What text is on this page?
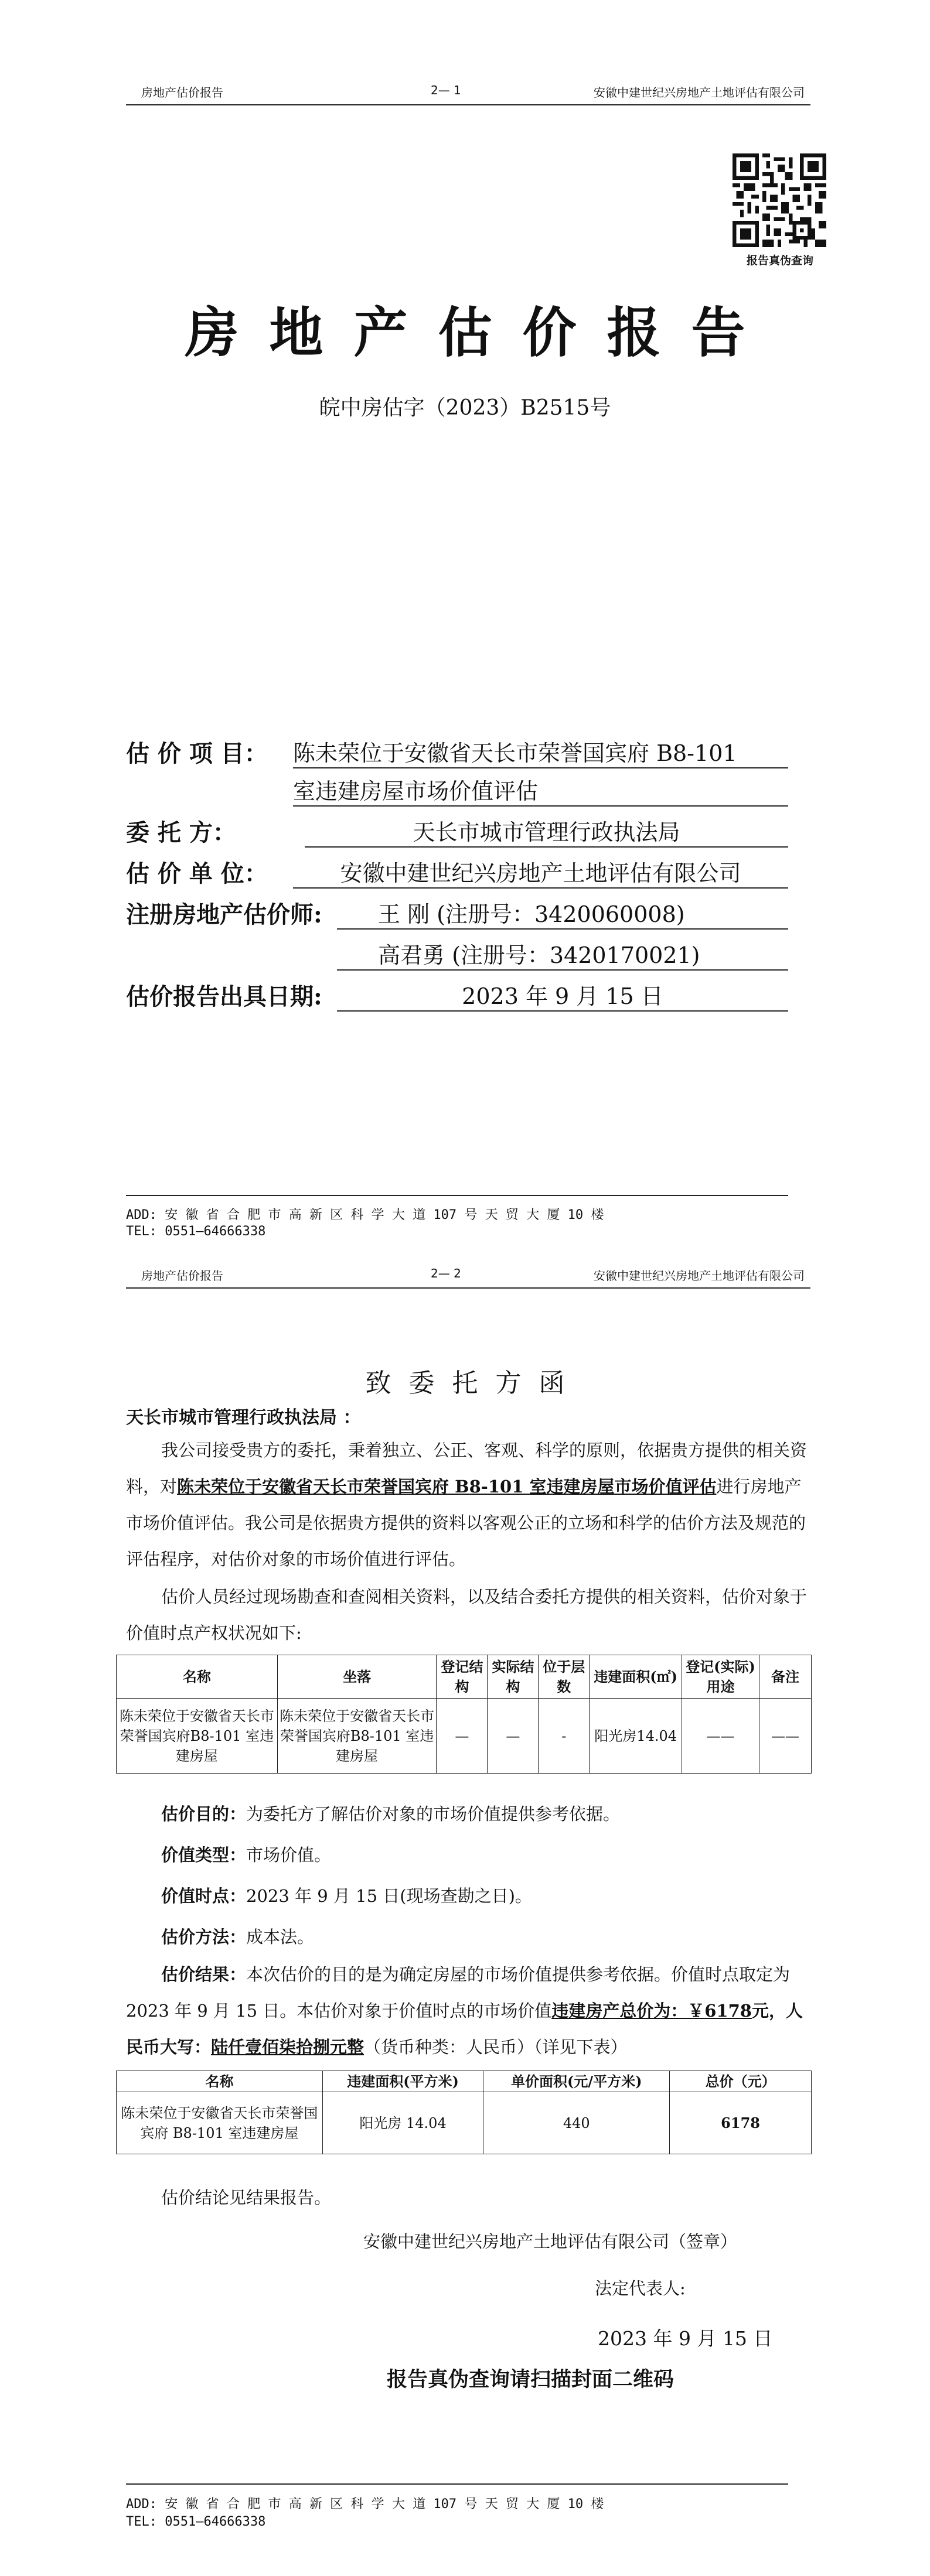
房地产估价报告	2— 1	安徽中建世纪兴房地产土地评估有限公司
报告真伪查询
房地产估价报告
皖中房估字（2023）B2515号
估 价 项 目： 陈未荣位于安徽省天长市荣誉国宾府 B8-101
室违建房屋市场价值评估
委 托 方：	天长市城市管理行政执法局
估 价 单 位：	安徽中建世纪兴房地产土地评估有限公司
注册房地产估价师:	王 刚 (注册号：3420060008)
高君勇 (注册号：3420170021)
估价报告出具日期:	2023 年 9 月 15 日
ADD: 安 徽 省 合 肥 市 高 新 区 科 学 大 道 107 号 天 贸 大 厦 10 楼
TEL: 0551—64666338
房地产估价报告	2— 2	安徽中建世纪兴房地产土地评估有限公司
致委托方函
天长市城市管理行政执法局 ：
我公司接受贵方的委托，秉着独立、公正、客观、科学的原则，依据贵方提供的相关资料，对陈未荣位于安徽省天长市荣誉国宾府 B8-101 室违建房屋市场价值评估进行房地产市场价值评估。我公司是依据贵方提供的资料以客观公正的立场和科学的估价方法及规范的评估程序，对估价对象的市场价值进行评估。
估价人员经过现场勘查和查阅相关资料，以及结合委托方提供的相关资料，估价对象于价值时点产权状况如下:
名称	坐落	登记结构	实际结构	位于层数	违建面积(㎡)	登记(实际)用途	备注
陈未荣位于安徽省天长市荣誉国宾府B8-101 室违建房屋	陈未荣位于安徽省天长市荣誉国宾府B8-101 室违建房屋	—	—	-	阳光房14.04	——	——
估价目的：为委托方了解估价对象的市场价值提供参考依据。
价值类型：市场价值。
价值时点：2023 年 9 月 15 日(现场查勘之日)。
估价方法：成本法。
估价结果：本次估价的目的是为确定房屋的市场价值提供参考依据。价值时点取定为 2023 年 9 月 15 日。本估价对象于价值时点的市场价值违建房产总价为：￥6178元，人民币大写：陆仟壹佰柒拾捌元整（货币种类：人民币）（详见下表）
名称	违建面积(平方米)	单价面积(元/平方米)	总价（元）
陈未荣位于安徽省天长市荣誉国宾府 B8-101 室违建房屋	阳光房 14.04	440	6178
估价结论见结果报告。
安徽中建世纪兴房地产土地评估有限公司（签章）
法定代表人:
2023 年 9 月 15 日
报告真伪查询请扫描封面二维码
ADD: 安 徽 省 合 肥 市 高 新 区 科 学 大 道 107 号 天 贸 大 厦 10 楼
TEL: 0551—64666338
